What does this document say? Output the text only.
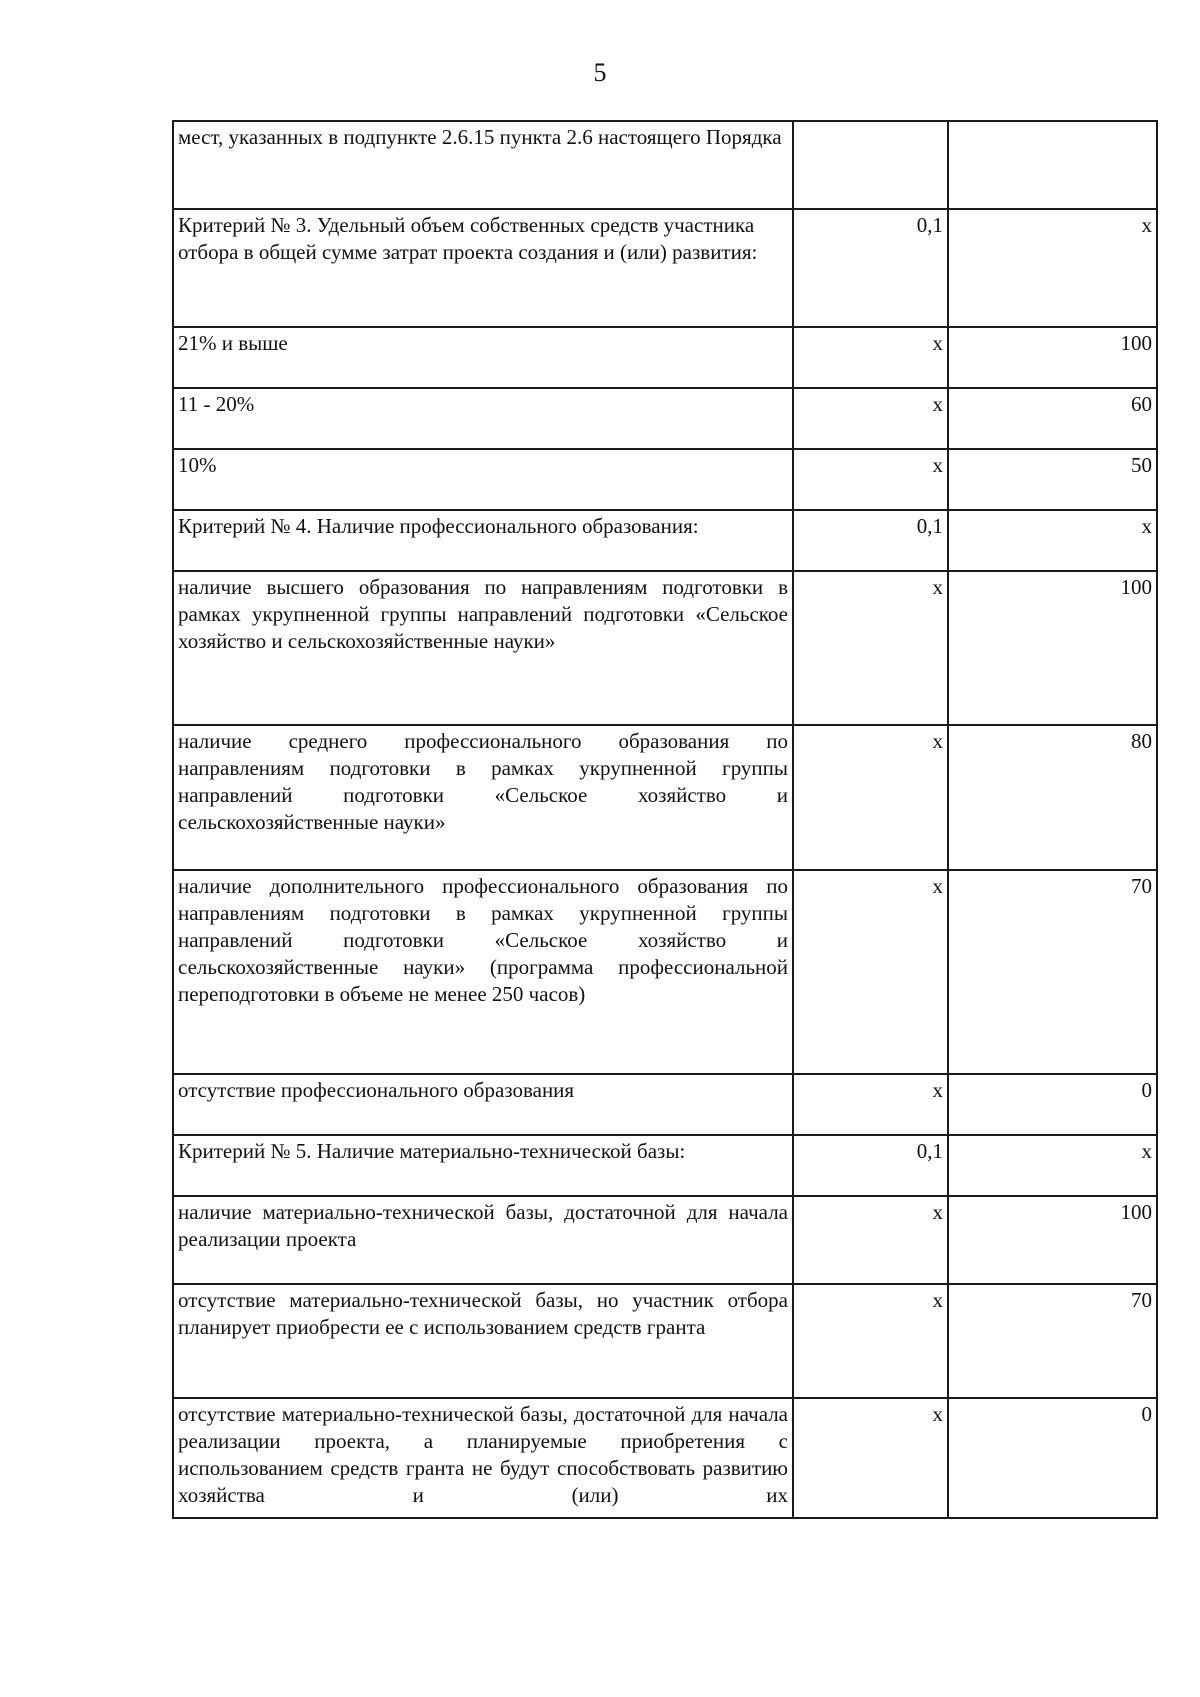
5
мест, указанных в подпункте 2.6.15 пункта 2.6 настоящего Порядка		
Критерий № 3. Удельный объем собственных средств участника отбора в общей сумме затрат проекта создания и (или) развития:	0,1	х
21% и выше	х	100
11 - 20%	х	60
10%	х	50
Критерий № 4. Наличие профессионального образования:	0,1	х
наличие высшего образования по направлениям подготовки в рамках укрупненной группы направлений подготовки «Сельское хозяйство и сельскохозяйственные науки»	х	100
наличие среднего профессионального образования по направлениям подготовки в рамках укрупненной группы направлений подготовки «Сельское хозяйство и сельскохозяйственные науки»	х	80
наличие дополнительного профессионального образования по направлениям подготовки в рамках укрупненной группы направлений подготовки «Сельское хозяйство и сельскохозяйственные науки» (программа профессиональной переподготовки в объеме не менее 250 часов)	х	70
отсутствие профессионального образования	х	0
Критерий № 5. Наличие материально-технической базы:	0,1	х
наличие материально-технической базы, достаточной для начала реализации проекта	х	100
отсутствие материально-технической базы, но участник отбора планирует приобрести ее с использованием средств гранта	х	70
отсутствие материально-технической базы, достаточной для начала реализации проекта, а планируемые приобретения с использованием средств гранта не будут способствовать развитию хозяйства и (или) их	х	0
